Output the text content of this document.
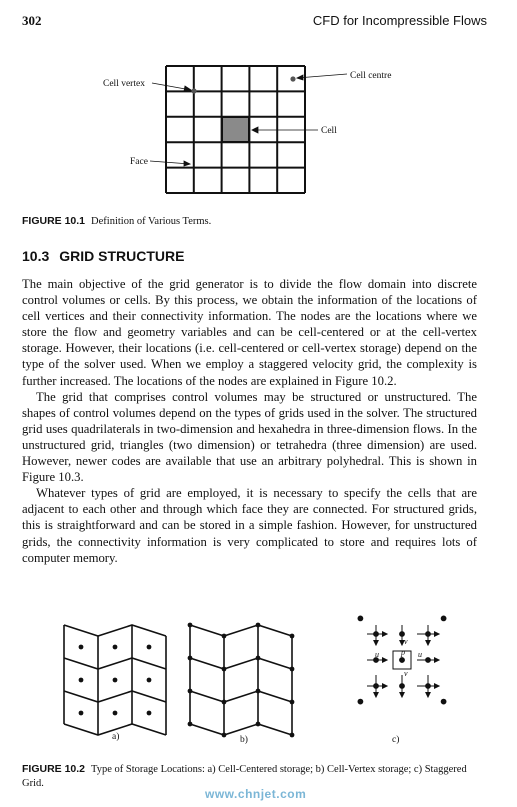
302	CFD for Incompressible Flows
Cell vertex
Cell centre
Cell
Face
FIGURE 10.1 Definition of Various Terms.
10.3 GRID STRUCTURE

The main objective of the grid generator is to divide the flow domain into discrete control volumes or cells. By this process, we obtain the information of the locations of cell vertices and their connectivity information. The nodes are the locations where we store the flow and geometry variables and can be cell-centered or at the cell-vertex storage. However, their locations (i.e. cell-centered or cell-vertex storage) depend on the type of the solver used. When we employ a staggered velocity grid, the complexity is further increased. The locations of the nodes are explained in Figure 10.2.

The grid that comprises control volumes may be structured or unstructured. The shapes of control volumes depend on the types of grids used in the solver. The structured grid uses quadrilaterals in two-dimension and hexahedra in three-dimension flows. In the unstructured grid, triangles (two dimension) or tetrahedra (three dimension) are used. However, newer codes are available that use an arbitrary polyhedral. This is shown in Figure 10.3.

Whatever types of grid are employed, it is necessary to specify the cells that are adjacent to each other and through which face they are connected. For structured grids, this is straightforward and can be stored in a simple fashion. However, for unstructured grids, the connectivity information is very complicated to store and requires lots of computer memory.

a)	b)	c)
v
u	p u
v
FIGURE 10.2 Type of Storage Locations: a) Cell-Centered storage; b) Cell-Vertex storage; c) Staggered Grid.
www.chnjet.com
